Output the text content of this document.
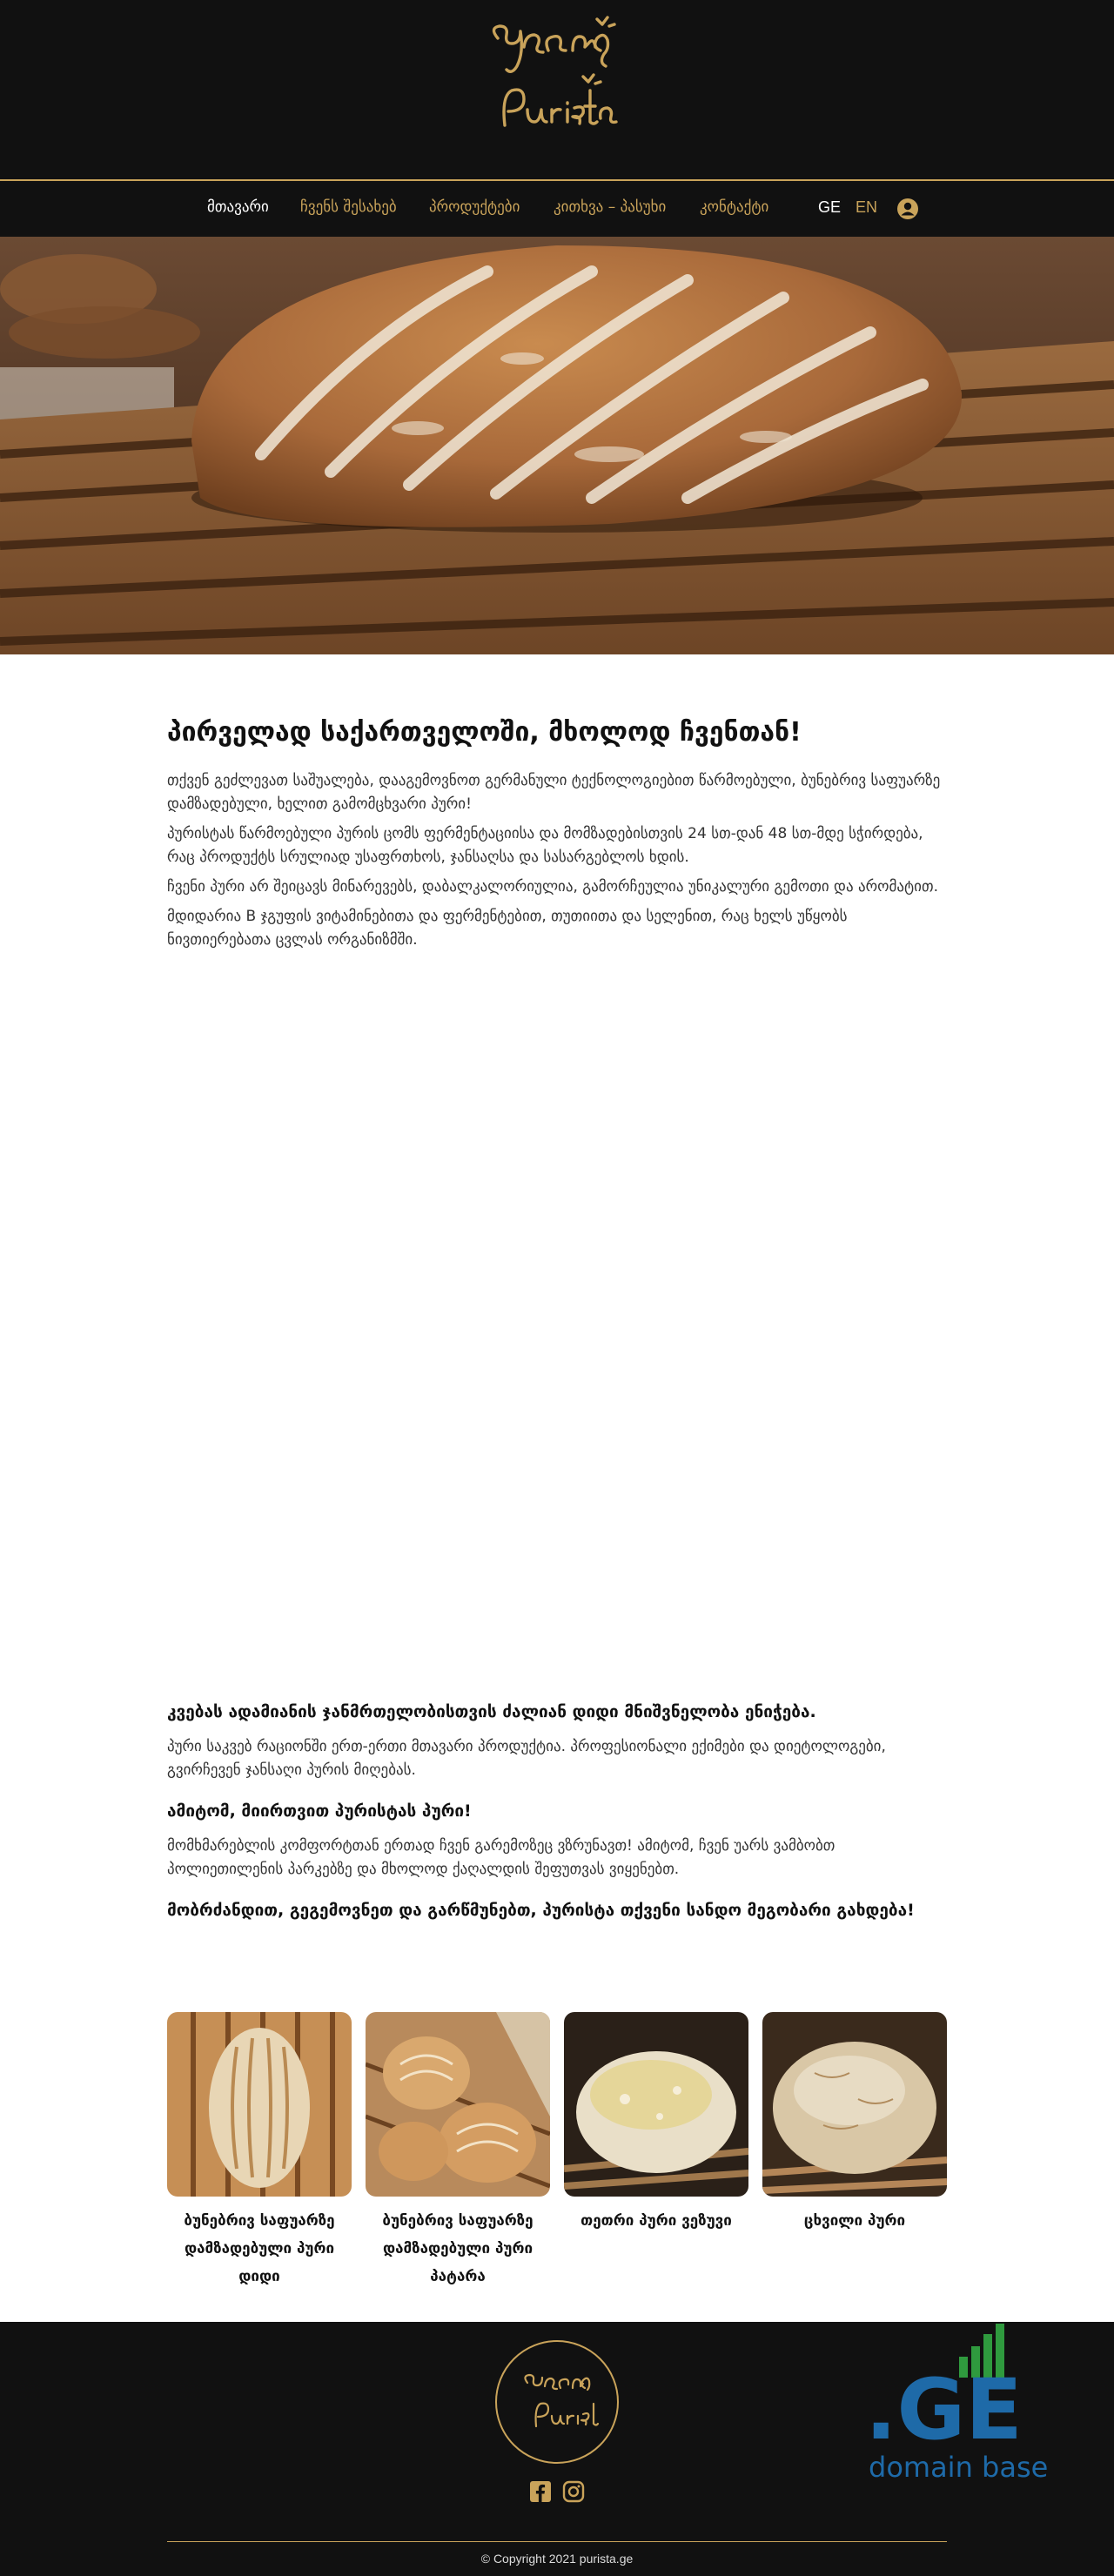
მთავარი ჩვენს შესახებ პროდუქტები კითხვა – პასუხი კონტაქტი	GE EN
პირველად საქართველოში, მხოლოდ ჩვენთან!

თქვენ გეძლევათ საშუალება, დააგემოვნოთ გერმანული ტექნოლოგიებით წარმოებული, ბუნებრივ საფუარზე დამზადებული, ხელით გამომცხვარი პური!

პურისტას წარმოებული პურის ცომს ფერმენტაციისა და მომზადებისთვის 24 სთ-დან 48 სთ-მდე სჭირდება, რაც პროდუქტს სრულიად უსაფრთხოს, ჯანსაღსა და სასარგებლოს ხდის.

ჩვენი პური არ შეიცავს მინარევებს, დაბალკალორიულია, გამორჩეულია უნიკალური გემოთი და არომატით.

მდიდარია B ჯგუფის ვიტამინებითა და ფერმენტებით, თუთიითა და სელენით, რაც ხელს უწყობს ნივთიერებათა ცვლას ორგანიზმში.

კვებას ადამიანის ჯანმრთელობისთვის ძალიან დიდი მნიშვნელობა ენიჭება.

პური საკვებ რაციონში ერთ-ერთი მთავარი პროდუქტია. პროფესიონალი ექიმები და დიეტოლოგები, გვირჩევენ ჯანსაღი პურის მიღებას.

ამიტომ, მიირთვით პურისტას პური!

მომხმარებლის კომფორტთან ერთად ჩვენ გარემოზეც ვზრუნავთ! ამიტომ, ჩვენ უარს ვამბობთ პოლიეთილენის პარკებზე და მხოლოდ ქაღალდის შეფუთვას ვიყენებთ.

მობრძანდით, გეგემოვნეთ და გარწმუნებთ, პურისტა თქვენი სანდო მეგობარი გახდება!
ბუნებრივ საფუარზე დამზადებული პური დიდი
ბუნებრივ საფუარზე დამზადებული პური პატარა
თეთრი პური ვეზუვი	ცხვილი პური
© Copyright 2021 purista.ge
.GE
domain base
